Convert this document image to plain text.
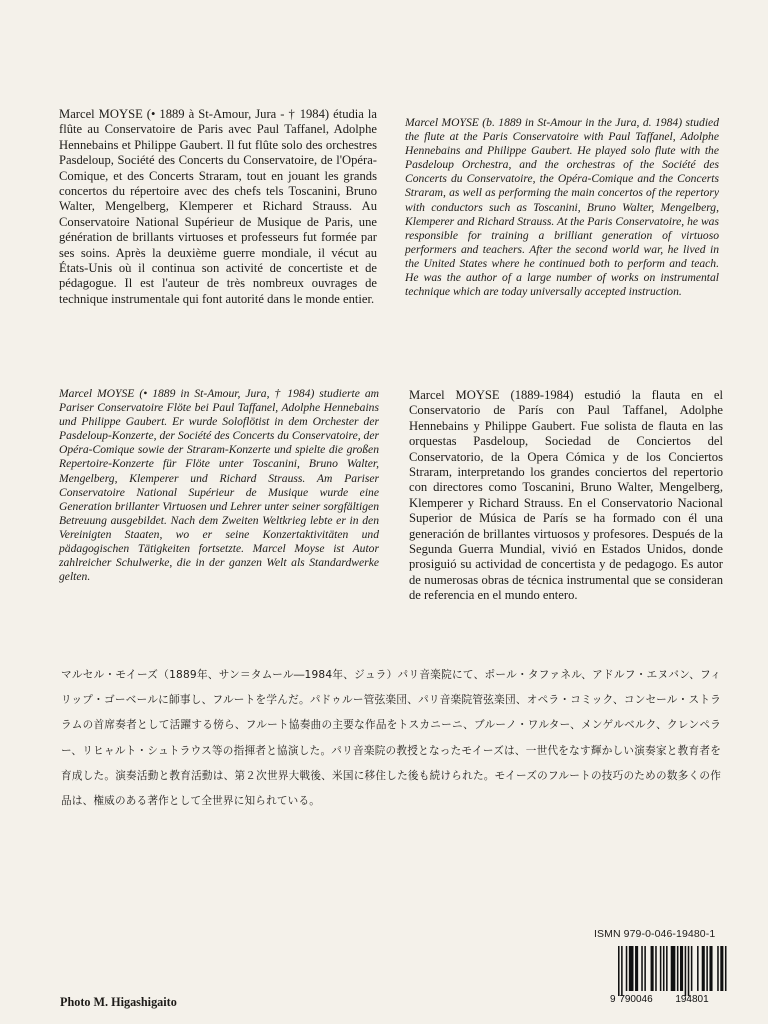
Marcel MOYSE (• 1889 à St-Amour, Jura - † 1984) étudia la flûte au Conservatoire de Paris avec Paul Taffanel, Adolphe Hennebains et Philippe Gaubert. Il fut flûte solo des orchestres Pasdeloup, Société des Concerts du Conservatoire, de l'Opéra-Comique, et des Concerts Straram, tout en jouant les grands concertos du répertoire avec des chefs tels Toscanini, Bruno Walter, Mengelberg, Klemperer et Richard Strauss. Au Conservatoire National Supérieur de Musique de Paris, une génération de brillants virtuoses et professeurs fut formée par ses soins. Après la deuxième guerre mondiale, il vécut au États-Unis où il continua son activité de concertiste et de pédagogue. Il est l'auteur de très nombreux ouvrages de technique instrumentale qui font autorité dans le monde entier.

Marcel MOYSE (b. 1889 in St-Amour in the Jura, d. 1984) studied the flute at the Paris Conservatoire with Paul Taffanel, Adolphe Hennebains and Philippe Gaubert. He played solo flute with the Pasdeloup Orchestra, and the orchestras of the Société des Concerts du Conservatoire, the Opéra-Comique and the Concerts Straram, as well as performing the main concertos of the repertory with conductors such as Toscanini, Bruno Walter, Mengelberg, Klemperer and Richard Strauss. At the Paris Conservatoire, he was responsible for training a brilliant generation of virtuoso performers and teachers. After the second world war, he lived in the United States where he continued both to perform and teach. He was the author of a large number of works on instrumental technique which are today universally accepted instruction.

Marcel MOYSE (• 1889 in St-Amour, Jura, † 1984) studierte am Pariser Conservatoire Flöte bei Paul Taffanel, Adolphe Hennebains und Philippe Gaubert. Er wurde Soloflötist in dem Orchester der Pasdeloup-Konzerte, der Société des Concerts du Conservatoire, der Opéra-Comique sowie der Straram-Konzerte und spielte die großen Repertoire-Konzerte für Flöte unter Toscanini, Bruno Walter, Mengelberg, Klemperer und Richard Strauss. Am Pariser Conservatoire National Supérieur de Musique wurde eine Generation brillanter Virtuosen und Lehrer unter seiner sorgfältigen Betreuung ausgebildet. Nach dem Zweiten Weltkrieg lebte er in den Vereinigten Staaten, wo er seine Konzertaktivitäten und pädagogischen Tätigkeiten fortsetzte. Marcel Moyse ist Autor zahlreicher Schulwerke, die in der ganzen Welt als Standardwerke gelten.

Marcel MOYSE (1889-1984) estudió la flauta en el Conservatorio de París con Paul Taffanel, Adolphe Hennebains y Philippe Gaubert. Fue solista de flauta en las orquestas Pasdeloup, Sociedad de Conciertos del Conservatorio, de la Opera Cómica y de los Conciertos Straram, interpretando los grandes conciertos del repertorio con directores como Toscanini, Bruno Walter, Mengelberg, Klemperer y Richard Strauss. En el Conservatorio Nacional Superior de Música de París se ha formado con él una generación de brillantes virtuosos y profesores. Después de la Segunda Guerra Mundial, vivió en Estados Unidos, donde prosiguió su actividad de concertista y de pedagogo. Es autor de numerosas obras de técnica instrumental que se consideran de referencia en el mundo entero.

マルセル・モイーズ（1889年、サン＝タムール―1984年、ジュラ）パリ音楽院にて、ポール・タファネル、アドルフ・エヌバン、フィリップ・ゴーベールに師事し、フルートを学んだ。パドゥルー管弦楽団、パリ音楽院管弦楽団、オペラ・コミック、コンセール・ストララムの首席奏者として活躍する傍ら、フルート協奏曲の主要な作品をトスカニーニ、ブルーノ・ワルター、メンゲルベルク、クレンペラー、リヒャルト・シュトラウス等の指揮者と協演した。パリ音楽院の教授となったモイーズは、一世代をなす輝かしい演奏家と教育者を育成した。演奏活動と教育活動は、第２次世界大戦後、米国に移住した後も続けられた。モイーズのフルートの技巧のための数多くの作品は、権威のある著作として全世界に知られている。

ISMN 979-0-046-19480-1
9 790046 194801
Photo M. Higashigaito
